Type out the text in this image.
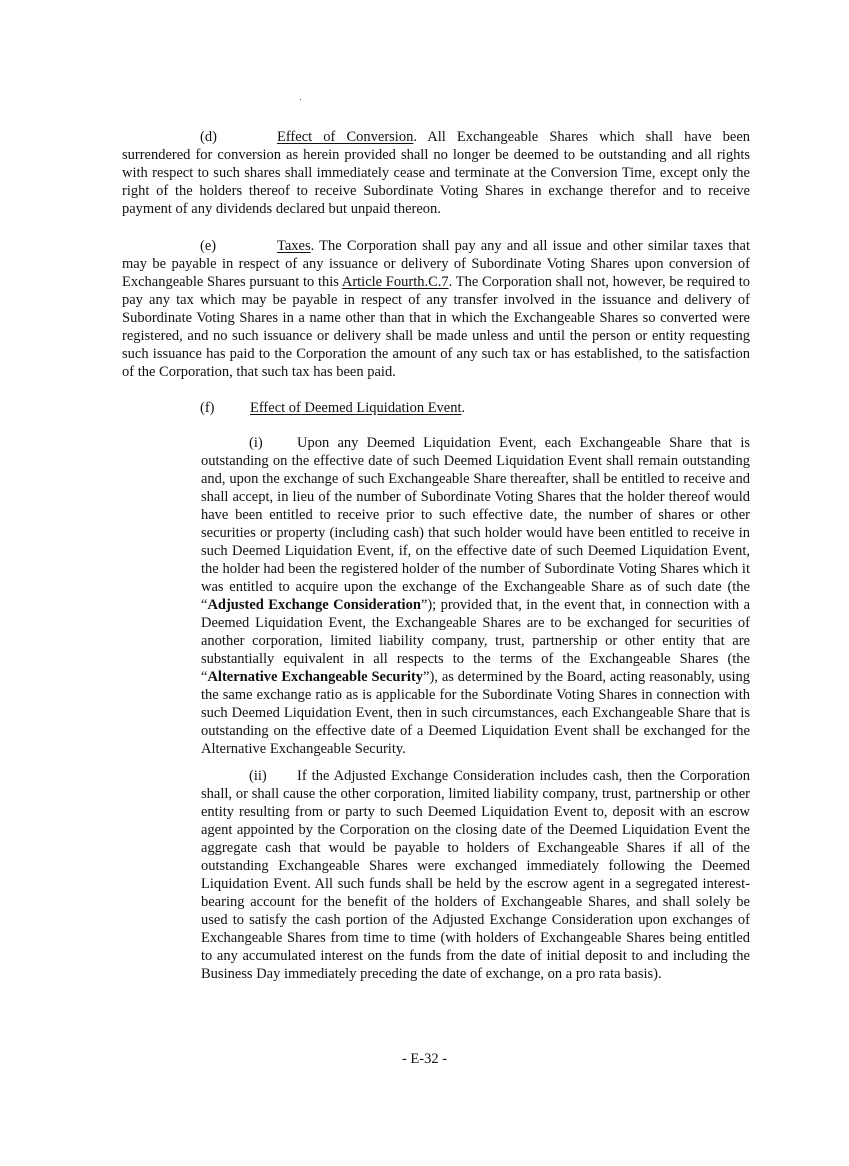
(d)	Effect of Conversion. All Exchangeable Shares which shall have been surrendered for conversion as herein provided shall no longer be deemed to be outstanding and all rights with respect to such shares shall immediately cease and terminate at the Conversion Time, except only the right of the holders thereof to receive Subordinate Voting Shares in exchange therefor and to receive payment of any dividends declared but unpaid thereon.

(e)	Taxes. The Corporation shall pay any and all issue and other similar taxes that may be payable in respect of any issuance or delivery of Subordinate Voting Shares upon conversion of Exchangeable Shares pursuant to this Article Fourth.C.7. The Corporation shall not, however, be required to pay any tax which may be payable in respect of any transfer involved in the issuance and delivery of Subordinate Voting Shares in a name other than that in which the Exchangeable Shares so converted were registered, and no such issuance or delivery shall be made unless and until the person or entity requesting such issuance has paid to the Corporation the amount of any such tax or has established, to the satisfaction of the Corporation, that such tax has been paid.

(f) Effect of Deemed Liquidation Event.

(i) Upon any Deemed Liquidation Event, each Exchangeable Share that is outstanding on the effective date of such Deemed Liquidation Event shall remain outstanding and, upon the exchange of such Exchangeable Share thereafter, shall be entitled to receive and shall accept, in lieu of the number of Subordinate Voting Shares that the holder thereof would have been entitled to receive prior to such effective date, the number of shares or other securities or property (including cash) that such holder would have been entitled to receive in such Deemed Liquidation Event, if, on the effective date of such Deemed Liquidation Event, the holder had been the registered holder of the number of Subordinate Voting Shares which it was entitled to acquire upon the exchange of the Exchangeable Share as of such date (the “Adjusted Exchange Consideration”); provided that, in the event that, in connection with a Deemed Liquidation Event, the Exchangeable Shares are to be exchanged for securities of another corporation, limited liability company, trust, partnership or other entity that are substantially equivalent in all respects to the terms of the Exchangeable Shares (the “Alternative Exchangeable Security”), as determined by the Board, acting reasonably, using the same exchange ratio as is applicable for the Subordinate Voting Shares in connection with such Deemed Liquidation Event, then in such circumstances, each Exchangeable Share that is outstanding on the effective date of a Deemed Liquidation Event shall be exchanged for the Alternative Exchangeable Security.

(ii) If the Adjusted Exchange Consideration includes cash, then the Corporation shall, or shall cause the other corporation, limited liability company, trust, partnership or other entity resulting from or party to such Deemed Liquidation Event to, deposit with an escrow agent appointed by the Corporation on the closing date of the Deemed Liquidation Event the aggregate cash that would be payable to holders of Exchangeable Shares if all of the outstanding Exchangeable Shares were exchanged immediately following the Deemed Liquidation Event. All such funds shall be held by the escrow agent in a segregated interest-bearing account for the benefit of the holders of Exchangeable Shares, and shall solely be used to satisfy the cash portion of the Adjusted Exchange Consideration upon exchanges of Exchangeable Shares from time to time (with holders of Exchangeable Shares being entitled to any accumulated interest on the funds from the date of initial deposit to and including the Business Day immediately preceding the date of exchange, on a pro rata basis).

- E-32 -
